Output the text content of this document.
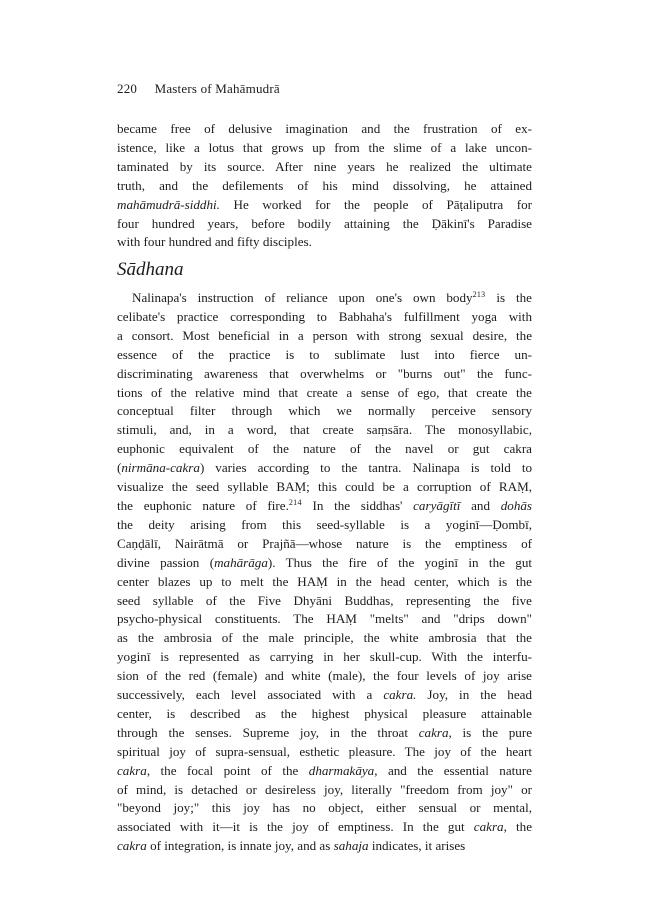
220 Masters of Mahāmudrā
became free of delusive imagination and the frustration of ex-
istence, like a lotus that grows up from the slime of a lake uncon-
taminated by its source. After nine years he realized the ultimate
truth, and the defilements of his mind dissolving, he attained
mahāmudrā-siddhi. He worked for the people of Pāṭaliputra for
four hundred years, before bodily attaining the Ḍākinī's Paradise
with four hundred and fifty disciples.
Sādhana
Nalinapa's instruction of reliance upon one's own body$^{213}$ is the
celibate's practice corresponding to Babhaha's fulfillment yoga with
a consort. Most beneficial in a person with strong sexual desire, the
essence of the practice is to sublimate lust into fierce un-
discriminating awareness that overwhelms or "burns out" the func-
tions of the relative mind that create a sense of ego, that create the
conceptual filter through which we normally perceive sensory
stimuli, and, in a word, that create saṃsāra. The monosyllabic,
euphonic equivalent of the nature of the navel or gut cakra
(nirmāna-cakra) varies according to the tantra. Nalinapa is told to
visualize the seed syllable BAṂ; this could be a corruption of RAṂ,
the euphonic nature of fire.$^{214}$ In the siddhas' caryāgītī and dohās
the deity arising from this seed-syllable is a yoginī—Ḍombī,
Caṇḍālī, Nairātmā or Prajñā—whose nature is the emptiness of
divine passion (mahārāga). Thus the fire of the yoginī in the gut
center blazes up to melt the HAṂ in the head center, which is the
seed syllable of the Five Dhyāni Buddhas, representing the five
psycho-physical constituents. The HAṂ "melts" and "drips down"
as the ambrosia of the male principle, the white ambrosia that the
yoginī is represented as carrying in her skull-cup. With the interfu-
sion of the red (female) and white (male), the four levels of joy arise
successively, each level associated with a cakra. Joy, in the head
center, is described as the highest physical pleasure attainable
through the senses. Supreme joy, in the throat cakra, is the pure
spiritual joy of supra-sensual, esthetic pleasure. The joy of the heart
cakra, the focal point of the dharmakāya, and the essential nature
of mind, is detached or desireless joy, literally "freedom from joy" or
"beyond joy;" this joy has no object, either sensual or mental,
associated with it—it is the joy of emptiness. In the gut cakra, the
cakra of integration, is innate joy, and as sahaja indicates, it arises
